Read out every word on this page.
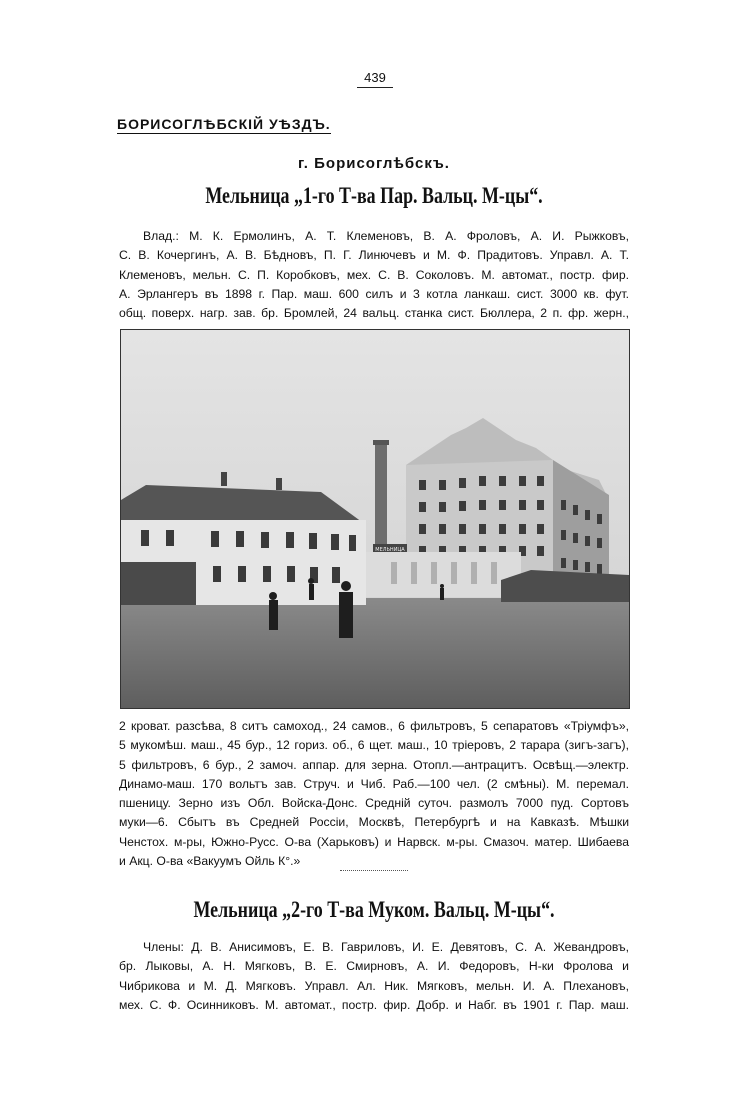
439
БОРИСОГЛѢБСКІЙ УѢЗДЪ.
г. Борисоглѣбскъ.
Мельница „1-го Т-ва Пар. Вальц. М-цы“.
Влад.: М. К. Ермолинъ, А. Т. Клеменовъ, В. А. Фроловъ, А. И. Рыжковъ,
С. В. Кочергинъ, А. В. Бѣдновъ, П. Г. Линючевъ и М. Ф. Прадитовъ. Управл. А. Т.
Клеменовъ, мельн. С. П. Коробковъ, мех. С. В. Соколовъ. М. автомат., постр. фир.
А. Эрлангеръ въ 1898 г. Пар. маш. 600 силъ и 3 котла ланкаш. сист. 3000 кв. фут.
общ. поверх. нагр. зав. бр. Бромлей, 24 вальц. станка сист. Бюллера, 2 п. фр. жерн.,
МЕЛЬНИЦА
2 кроват. разсѣва, 8 ситъ самоход., 24 самов., 6 фильтровъ, 5 сепаратовъ «Тріумфъ»,
5 мукомѣш. маш., 45 бур., 12 гориз. об., 6 щет. маш., 10 тріеровъ, 2 тарара (зигъ-загъ),
5 фильтровъ, 6 бур., 2 замоч. аппар. для зерна. Отопл.—антрацитъ. Освѣщ.—электр.
Динамо-маш. 170 вольтъ зав. Струч. и Чиб. Раб.—100 чел. (2 смѣны). М. перемал.
пшеницу. Зерно изъ Обл. Войска-Донс. Средній суточ. размолъ 7000 пуд. Сортовъ
муки—6. Сбытъ въ Средней Россіи, Москвѣ, Петербургѣ и на Кавказѣ. Мѣшки
Ченстох. м-ры, Южно-Русс. О-ва (Харьковъ) и Нарвск. м-ры. Смазоч. матер. Шибаева
и Акц. О-ва «Вакуумъ Ойль К°.»
Мельница „2-го Т-ва Муком. Вальц. М-цы“.
Члены: Д. В. Анисимовъ, Е. В. Гавриловъ, И. Е. Девятовъ, С. А. Жевандровъ,
бр. Лыковы, А. Н. Мягковъ, В. Е. Смирновъ, А. И. Федоровъ, Н-ки Фролова и
Чибрикова и М. Д. Мягковъ. Управл. Ал. Ник. Мягковъ, мельн. И. А. Плехановъ,
мех. С. Ф. Осинниковъ. М. автомат., постр. фир. Добр. и Набг. въ 1901 г. Пар. маш.
